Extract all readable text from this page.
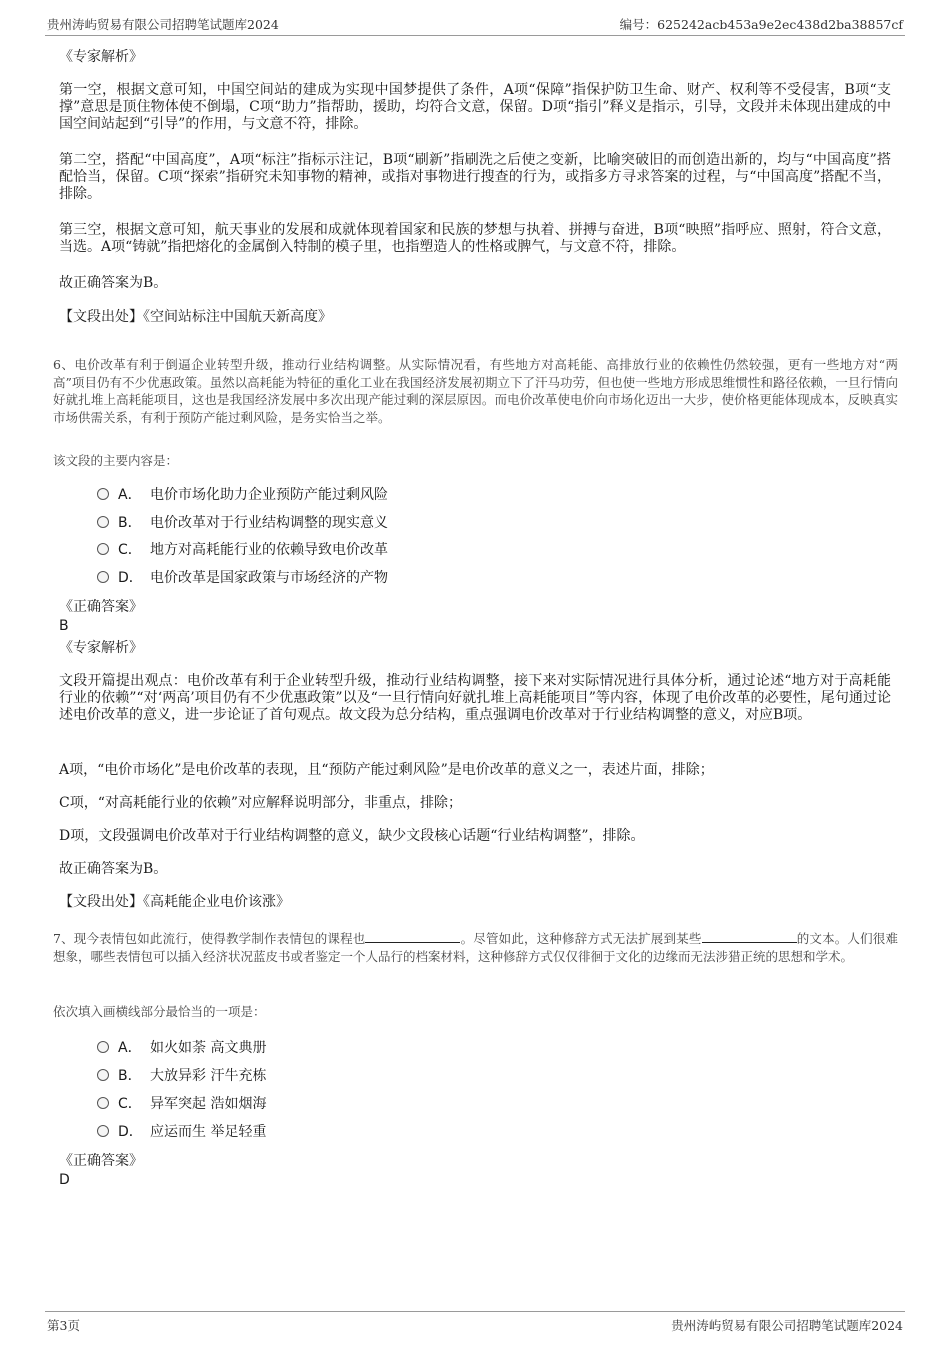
贵州涛屿贸易有限公司招聘笔试题库2024	编号：625242acb453a9e2ec438d2ba38857cf
《专家解析》
第一空，根据文意可知，中国空间站的建成为实现中国梦提供了条件，A项“保障”指保护防卫生命、财产、权利等不受侵害，B项“支撑”意思是顶住物体使不倒塌，C项“助力”指帮助，援助，均符合文意，保留。D项“指引”释义是指示，引导，文段并未体现出建成的中国空间站起到“引导”的作用，与文意不符，排除。
第二空，搭配“中国高度”，A项“标注”指标示注记，B项“刷新”指刷洗之后使之变新，比喻突破旧的而创造出新的，均与“中国高度”搭配恰当，保留。C项“探索”指研究未知事物的精神，或指对事物进行搜查的行为，或指多方寻求答案的过程，与“中国高度”搭配不当，排除。
第三空，根据文意可知，航天事业的发展和成就体现着国家和民族的梦想与执着、拼搏与奋进，B项“映照”指呼应、照射，符合文意，当选。A项“铸就”指把熔化的金属倒入特制的模子里，也指塑造人的性格或脾气，与文意不符，排除。
故正确答案为B。
【文段出处】《空间站标注中国航天新高度》
6、电价改革有利于倒逼企业转型升级，推动行业结构调整。从实际情况看，有些地方对高耗能、高排放行业的依赖性仍然较强，更有一些地方对“两高”项目仍有不少优惠政策。虽然以高耗能为特征的重化工业在我国经济发展初期立下了汗马功劳，但也使一些地方形成思维惯性和路径依赖，一旦行情向好就扎堆上高耗能项目，这也是我国经济发展中多次出现产能过剩的深层原因。而电价改革使电价向市场化迈出一大步，使价格更能体现成本，反映真实市场供需关系，有利于预防产能过剩风险，是务实恰当之举。
该文段的主要内容是：
A． 电价市场化助力企业预防产能过剩风险
B． 电价改革对于行业结构调整的现实意义
C． 地方对高耗能行业的依赖导致电价改革
D． 电价改革是国家政策与市场经济的产物
《正确答案》
B
《专家解析》
文段开篇提出观点：电价改革有利于企业转型升级，推动行业结构调整，接下来对实际情况进行具体分析，通过论述“地方对于高耗能行业的依赖”“对‘两高’项目仍有不少优惠政策”以及“一旦行情向好就扎堆上高耗能项目”等内容，体现了电价改革的必要性，尾句通过论述电价改革的意义，进一步论证了首句观点。故文段为总分结构，重点强调电价改革对于行业结构调整的意义，对应B项。
A项，“电价市场化”是电价改革的表现，且“预防产能过剩风险”是电价改革的意义之一，表述片面，排除；
C项，“对高耗能行业的依赖”对应解释说明部分，非重点，排除；
D项，文段强调电价改革对于行业结构调整的意义，缺少文段核心话题“行业结构调整”，排除。
故正确答案为B。
【文段出处】《高耗能企业电价该涨》
7、现今表情包如此流行，使得教学制作表情包的课程也	。尽管如此，这种修辞方式无法扩展到某些	的文本。人们很难想象，哪些表情包可以插入经济状况蓝皮书或者鉴定一个人品行的档案材料，这种修辞方式仅仅徘徊于文化的边缘而无法涉猎正统的思想和学术。
依次填入画横线部分最恰当的一项是：
A． 如火如荼 高文典册
B． 大放异彩 汗牛充栋
C． 异军突起 浩如烟海
D． 应运而生 举足轻重
《正确答案》
D
第3页	贵州涛屿贸易有限公司招聘笔试题库2024
